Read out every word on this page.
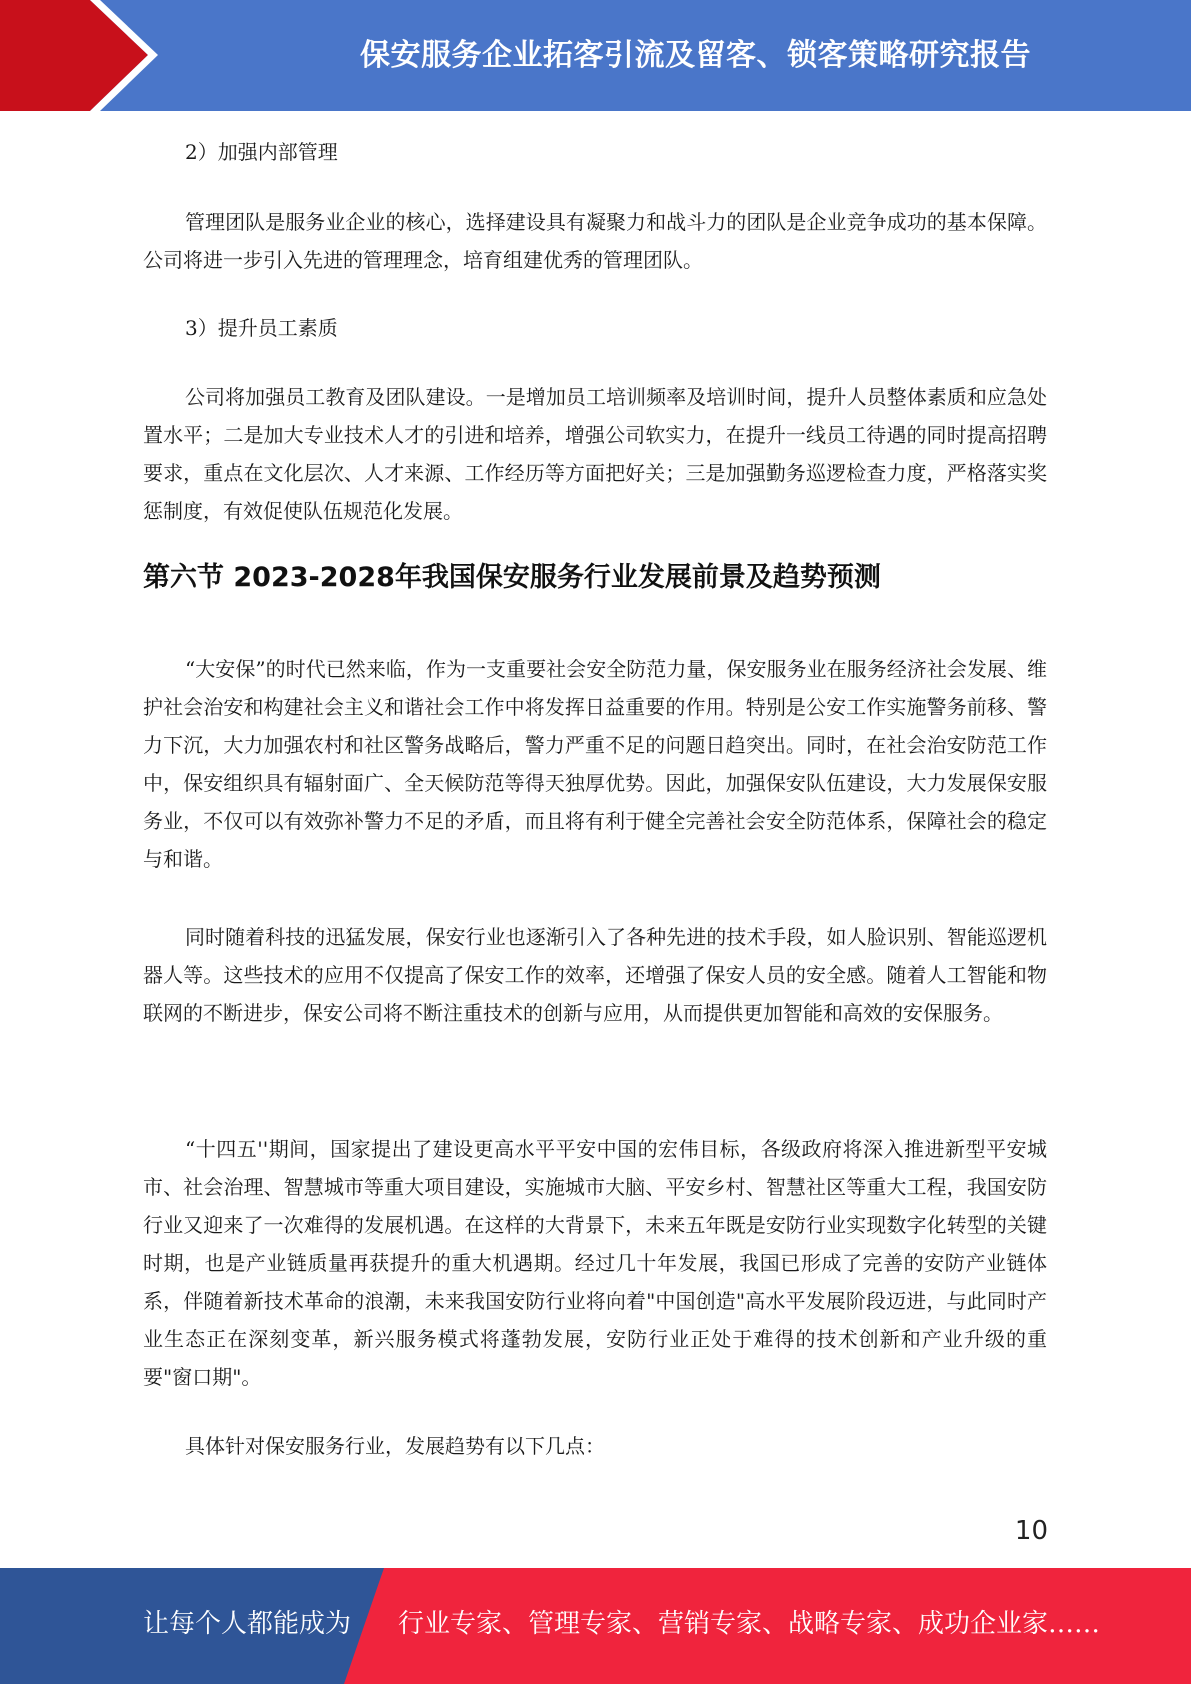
保安服务企业拓客引流及留客、锁客策略研究报告

2）加强内部管理

管理团队是服务业企业的核心，选择建设具有凝聚力和战斗力的团队是企业竞争成功的基本保障。公司将进一步引入先进的管理理念，培育组建优秀的管理团队。

3）提升员工素质

公司将加强员工教育及团队建设。一是增加员工培训频率及培训时间，提升人员整体素质和应急处置水平；二是加大专业技术人才的引进和培养，增强公司软实力，在提升一线员工待遇的同时提高招聘要求，重点在文化层次、人才来源、工作经历等方面把好关；三是加强勤务巡逻检查力度，严格落实奖惩制度，有效促使队伍规范化发展。

第六节 2023-2028年我国保安服务行业发展前景及趋势预测

“大安保”的时代已然来临，作为一支重要社会安全防范力量，保安服务业在服务经济社会发展、维护社会治安和构建社会主义和谐社会工作中将发挥日益重要的作用。特别是公安工作实施警务前移、警力下沉，大力加强农村和社区警务战略后，警力严重不足的问题日趋突出。同时，在社会治安防范工作中，保安组织具有辐射面广、全天候防范等得天独厚优势。因此，加强保安队伍建设，大力发展保安服务业，不仅可以有效弥补警力不足的矛盾，而且将有利于健全完善社会安全防范体系，保障社会的稳定与和谐。

同时随着科技的迅猛发展，保安行业也逐渐引入了各种先进的技术手段，如人脸识别、智能巡逻机器人等。这些技术的应用不仅提高了保安工作的效率，还增强了保安人员的安全感。随着人工智能和物联网的不断进步，保安公司将不断注重技术的创新与应用，从而提供更加智能和高效的安保服务。

“十四五''期间，国家提出了建设更高水平平安中国的宏伟目标，各级政府将深入推进新型平安城市、社会治理、智慧城市等重大项目建设，实施城市大脑、平安乡村、智慧社区等重大工程，我国安防行业又迎来了一次难得的发展机遇。在这样的大背景下，未来五年既是安防行业实现数字化转型的关键时期，也是产业链质量再获提升的重大机遇期。经过几十年发展，我国已形成了完善的安防产业链体系，伴随着新技术革命的浪潮，未来我国安防行业将向着"中国创造"高水平发展阶段迈进，与此同时产业生态正在深刻变革，新兴服务模式将蓬勃发展，安防行业正处于难得的技术创新和产业升级的重要"窗口期"。

具体针对保安服务行业，发展趋势有以下几点：

10
让每个人都能成为 行业专家、管理专家、营销专家、战略专家、成功企业家……
